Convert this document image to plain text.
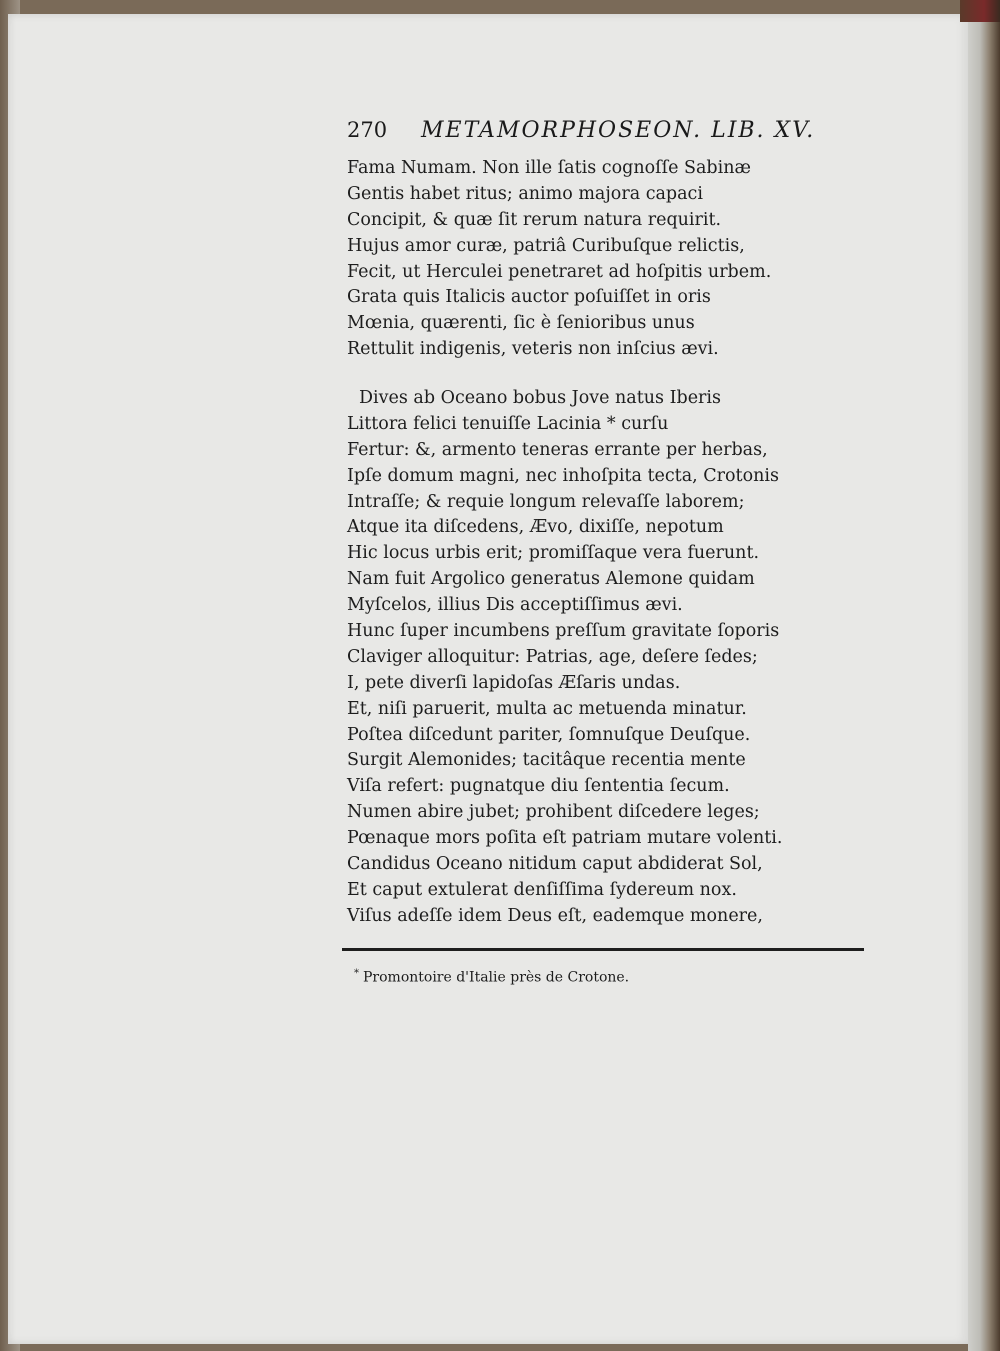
270 METAMORPHOSEON. LIB. XV.
Fama Numam. Non ille ſatis cognoſſe Sabinæ
Gentis habet ritus; animo majora capaci
Concipit, & quæ ſit rerum natura requirit.
Hujus amor curæ, patriâ Curibuſque relictis,
Fecit, ut Herculei penetraret ad hoſpitis urbem.
Grata quis Italicis auctor poſuiſſet in oris
Mœnia, quærenti, ſic è ſenioribus unus
Rettulit indigenis, veteris non inſcius ævi.
Dives ab Oceano bobus Jove natus Iberis
Littora felici tenuiſſe Lacinia * curſu
Fertur: &, armento teneras errante per herbas,
Ipſe domum magni, nec inhoſpita tecta, Crotonis
Intraſſe; & requie longum relevaſſe laborem;
Atque ita diſcedens, Ævo, dixiſſe, nepotum
Hic locus urbis erit; promiſſaque vera fuerunt.
Nam fuit Argolico generatus Alemone quidam
Myſcelos, illius Dis acceptiſſimus ævi.
Hunc ſuper incumbens preſſum gravitate ſoporis
Claviger alloquitur: Patrias, age, deſere ſedes;
I, pete diverſi lapidoſas Æſaris undas.
Et, niſi paruerit, multa ac metuenda minatur.
Poſtea diſcedunt pariter, ſomnuſque Deuſque.
Surgit Alemonides; tacitâque recentia mente
Viſa refert: pugnatque diu ſententia ſecum.
Numen abire jubet; prohibent diſcedere leges;
Pœnaque mors poſita eſt patriam mutare volenti.
Candidus Oceano nitidum caput abdiderat Sol,
Et caput extulerat denſiſſima ſydereum nox.
Viſus adeſſe idem Deus eſt, eademque monere,
* Promontoire d'Italie près de Crotone.
